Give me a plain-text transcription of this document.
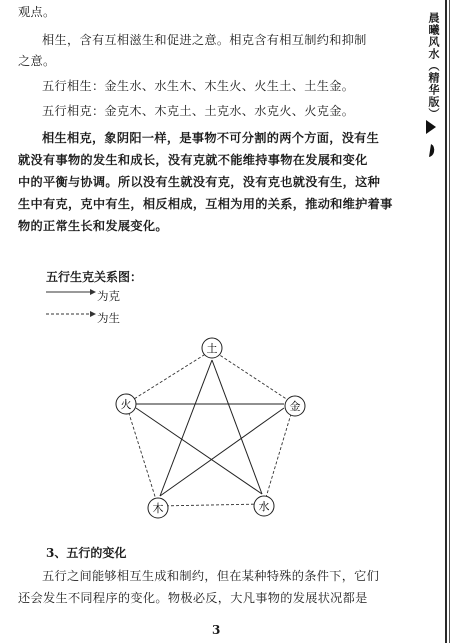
观点。
相生，含有互相滋生和促进之意。相克含有相互制约和抑制
之意。
五行相生：金生水、水生木、木生火、火生土、土生金。
五行相克：金克木、木克土、土克水、水克火、火克金。
相生相克，象阴阳一样，是事物不可分割的两个方面，没有生
就没有事物的发生和成长，没有克就不能维持事物在发展和变化
中的平衡与协调。所以没有生就没有克，没有克也就没有生，这种
生中有克，克中有生，相反相成，互相为用的关系，推动和维护着事
物的正常生长和发展变化。
五行生克关系图：
土
金
水
木
火
为克
为生
3、五行的变化
五行之间能够相互生成和制约，但在某种特殊的条件下，它们
还会发生不同程序的变化。物极必反，大凡事物的发展状况都是
3
晨曦风水（精华版）
